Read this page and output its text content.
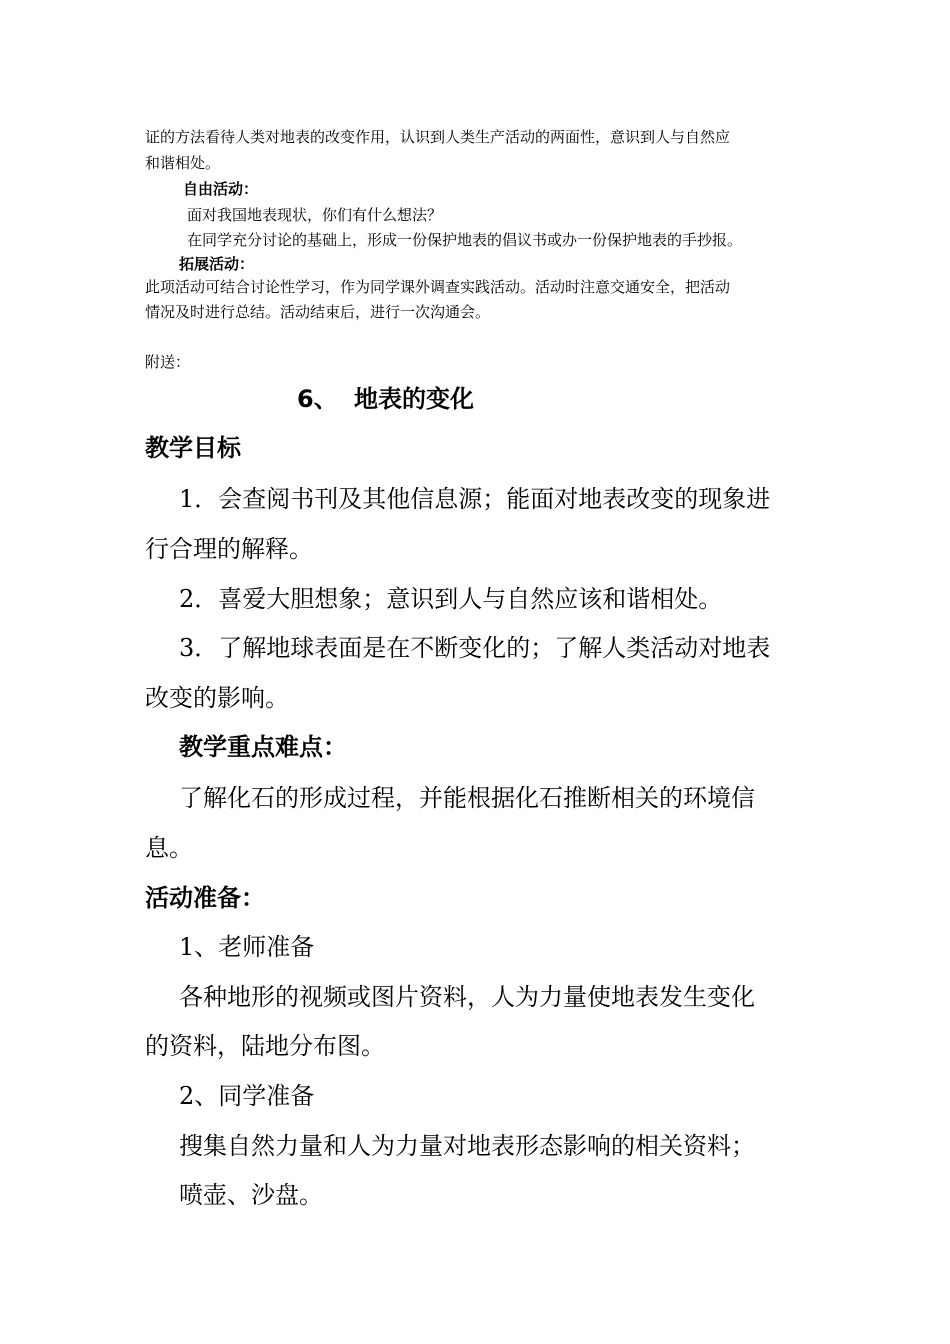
证的方法看待人类对地表的改变作用，认识到人类生产活动的两面性，意识到人与自然应
和谐相处。
自由活动：
面对我国地表现状，你们有什么想法？
在同学充分讨论的基础上，形成一份保护地表的倡议书或办一份保护地表的手抄报。
拓展活动：
此项活动可结合讨论性学习，作为同学课外调查实践活动。活动时注意交通安全，把活动
情况及时进行总结。活动结束后，进行一次沟通会。
附送：
6、 地表的变化
教学目标
1．会查阅书刊及其他信息源；能面对地表改变的现象进
行合理的解释。
2．喜爱大胆想象；意识到人与自然应该和谐相处。
3．了解地球表面是在不断变化的；了解人类活动对地表
改变的影响。
教学重点难点：
了解化石的形成过程，并能根据化石推断相关的环境信
息。
活动准备：
1、老师准备
各种地形的视频或图片资料，人为力量使地表发生变化
的资料，陆地分布图。
2、同学准备
搜集自然力量和人为力量对地表形态影响的相关资料；
喷壶、沙盘。
